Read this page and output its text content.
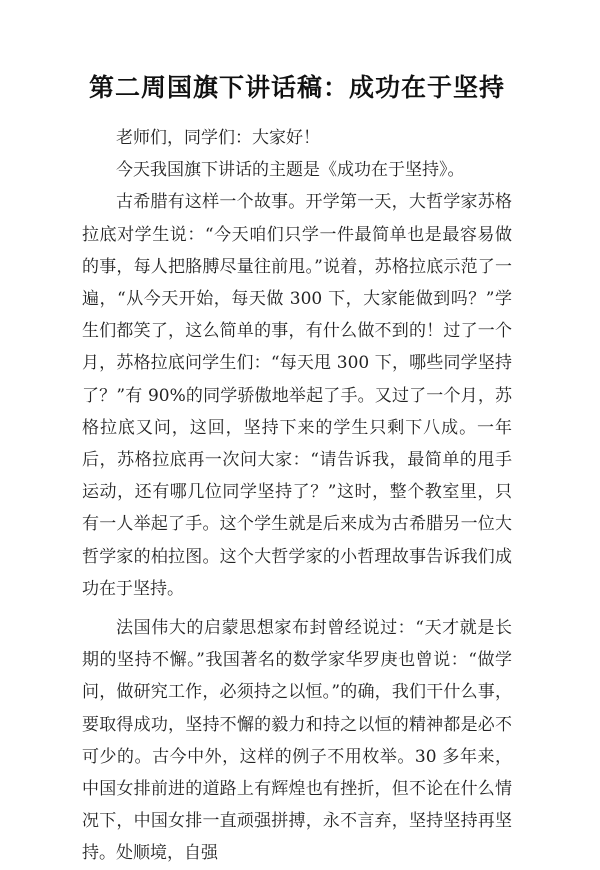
第二周国旗下讲话稿：成功在于坚持

老师们，同学们：大家好！

今天我国旗下讲话的主题是《成功在于坚持》。

古希腊有这样一个故事。开学第一天，大哲学家苏格拉底对学生说：“今天咱们只学一件最简单也是最容易做的事，每人把胳膊尽量往前甩。”说着，苏格拉底示范了一遍，“从今天开始，每天做 300 下，大家能做到吗？”学生们都笑了，这么简单的事，有什么做不到的！过了一个月，苏格拉底问学生们：“每天甩 300 下，哪些同学坚持了？”有 90%的同学骄傲地举起了手。又过了一个月，苏格拉底又问，这回，坚持下来的学生只剩下八成。一年后，苏格拉底再一次问大家：“请告诉我，最简单的甩手运动，还有哪几位同学坚持了？”这时，整个教室里，只有一人举起了手。这个学生就是后来成为古希腊另一位大哲学家的柏拉图。这个大哲学家的小哲理故事告诉我们成功在于坚持。

法国伟大的启蒙思想家布封曾经说过：“天才就是长期的坚持不懈。”我国著名的数学家华罗庚也曾说：“做学问，做研究工作，必须持之以恒。”的确，我们干什么事，要取得成功，坚持不懈的毅力和持之以恒的精神都是必不可少的。古今中外，这样的例子不用枚举。30 多年来，中国女排前进的道路上有辉煌也有挫折，但不论在什么情况下，中国女排一直顽强拼搏，永不言弃，坚持坚持再坚持。处顺境，自强
